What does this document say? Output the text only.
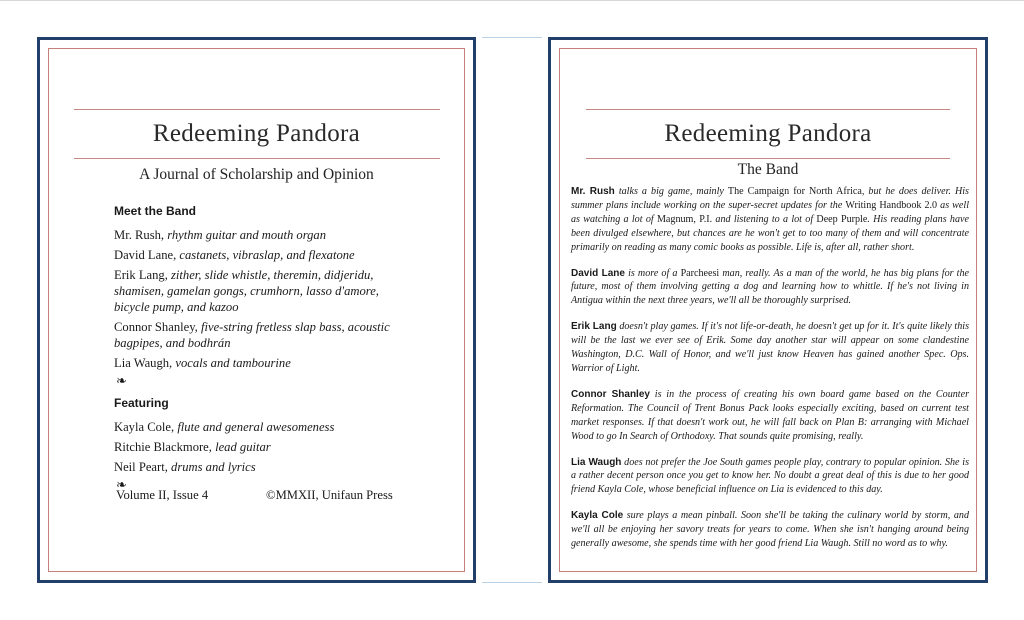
Redeeming Pandora
A Journal of Scholarship and Opinion
Meet the Band
Mr. Rush, rhythm guitar and mouth organ
David Lane, castanets, vibraslap, and flexatone
Erik Lang, zither, slide whistle, theremin, didjeridu, shamisen, gamelan gongs, crumhorn, lasso d'amore, bicycle pump, and kazoo
Connor Shanley, five-string fretless slap bass, acoustic bagpipes, and bodhrán
Lia Waugh, vocals and tambourine
❧
Featuring
Kayla Cole, flute and general awesomeness
Ritchie Blackmore, lead guitar
Neil Peart, drums and lyrics
❧
Volume II, Issue 4	©MMXII, Unifaun Press
Redeeming Pandora
The Band

Mr. Rush talks a big game, mainly The Campaign for North Africa, but he does deliver. His summer plans include working on the super-secret updates for the Writing Handbook 2.0 as well as watching a lot of Magnum, P.I. and listening to a lot of Deep Purple. His reading plans have been divulged elsewhere, but chances are he won't get to too many of them and will concentrate primarily on reading as many comic books as possible. Life is, after all, rather short.

David Lane is more of a Parcheesi man, really. As a man of the world, he has big plans for the future, most of them involving getting a dog and learning how to whittle. If he's not living in Antigua within the next three years, we'll all be thoroughly surprised.

Erik Lang doesn't play games. If it's not life-or-death, he doesn't get up for it. It's quite likely this will be the last we ever see of Erik. Some day another star will appear on some clandestine Washington, D.C. Wall of Honor, and we'll just know Heaven has gained another Spec. Ops. Warrior of Light.

Connor Shanley is in the process of creating his own board game based on the Counter Reformation. The Council of Trent Bonus Pack looks especially exciting, based on current test market responses. If that doesn't work out, he will fall back on Plan B: arranging with Michael Wood to go In Search of Orthodoxy. That sounds quite promising, really.

Lia Waugh does not prefer the Joe South games people play, contrary to popular opinion. She is a rather decent person once you get to know her. No doubt a great deal of this is due to her good friend Kayla Cole, whose beneficial influence on Lia is evidenced to this day.

Kayla Cole sure plays a mean pinball. Soon she'll be taking the culinary world by storm, and we'll all be enjoying her savory treats for years to come. When she isn't hanging around being generally awesome, she spends time with her good friend Lia Waugh. Still no word as to why.
